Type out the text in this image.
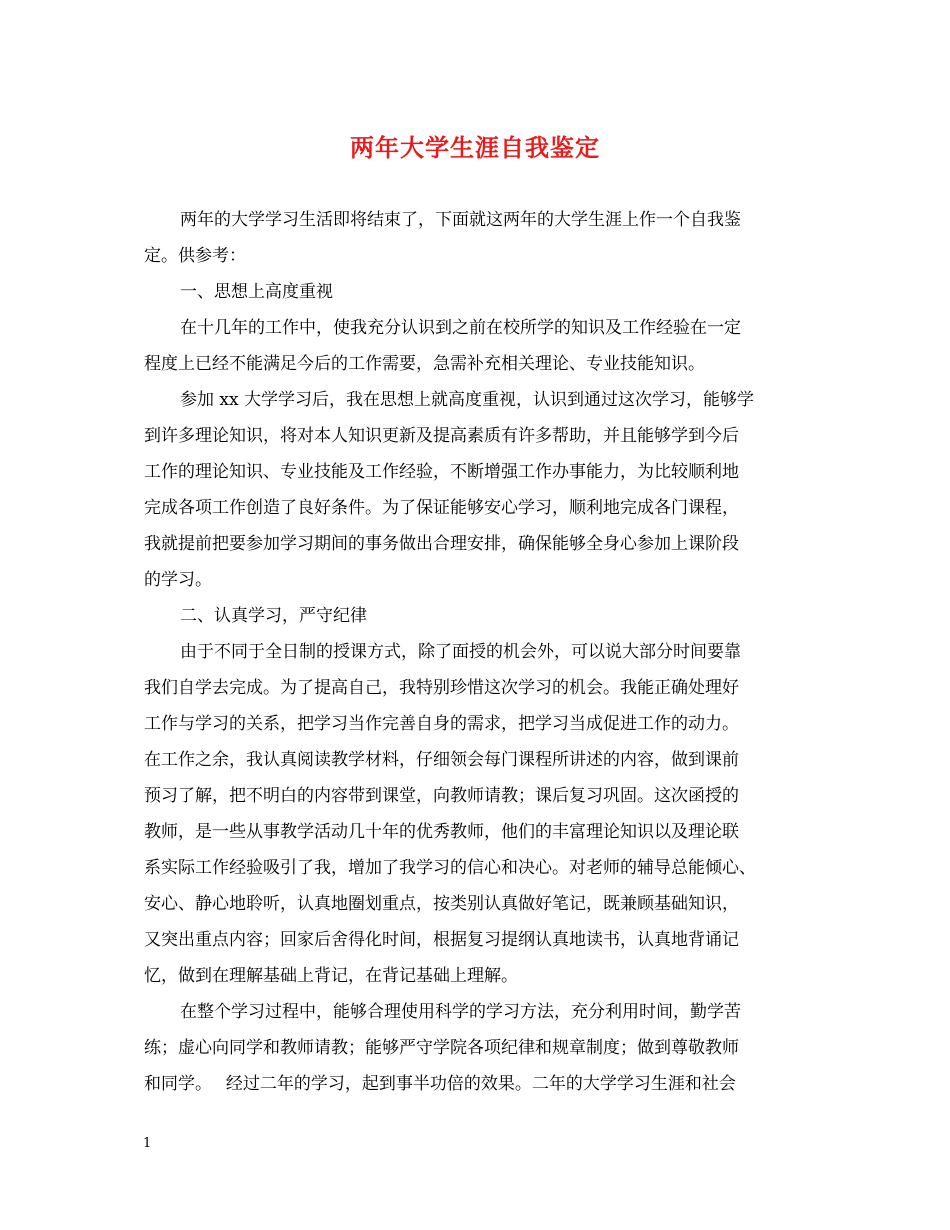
两年大学生涯自我鉴定
两年的大学学习生活即将结束了，下面就这两年的大学生涯上作一个自我鉴
定。供参考：
一、思想上高度重视
在十几年的工作中，使我充分认识到之前在校所学的知识及工作经验在一定
程度上已经不能满足今后的工作需要，急需补充相关理论、专业技能知识。
参加 xx 大学学习后，我在思想上就高度重视，认识到通过这次学习，能够学
到许多理论知识，将对本人知识更新及提高素质有许多帮助，并且能够学到今后
工作的理论知识、专业技能及工作经验，不断增强工作办事能力，为比较顺利地
完成各项工作创造了良好条件。为了保证能够安心学习，顺利地完成各门课程，
我就提前把要参加学习期间的事务做出合理安排，确保能够全身心参加上课阶段
的学习。
二、认真学习，严守纪律
由于不同于全日制的授课方式，除了面授的机会外，可以说大部分时间要靠
我们自学去完成。为了提高自己，我特别珍惜这次学习的机会。我能正确处理好
工作与学习的关系，把学习当作完善自身的需求，把学习当成促进工作的动力。
在工作之余，我认真阅读教学材料，仔细领会每门课程所讲述的内容，做到课前
预习了解，把不明白的内容带到课堂，向教师请教；课后复习巩固。这次函授的
教师，是一些从事教学活动几十年的优秀教师，他们的丰富理论知识以及理论联
系实际工作经验吸引了我，增加了我学习的信心和决心。对老师的辅导总能倾心、
安心、静心地聆听，认真地圈划重点，按类别认真做好笔记，既兼顾基础知识，
又突出重点内容；回家后舍得化时间，根据复习提纲认真地读书，认真地背诵记
忆，做到在理解基础上背记，在背记基础上理解。
在整个学习过程中，能够合理使用科学的学习方法，充分利用时间，勤学苦
练；虚心向同学和教师请教；能够严守学院各项纪律和规章制度；做到尊敬教师
和同学。　 经过二年的学习，起到事半功倍的效果。二年的大学学习生涯和社会
1
